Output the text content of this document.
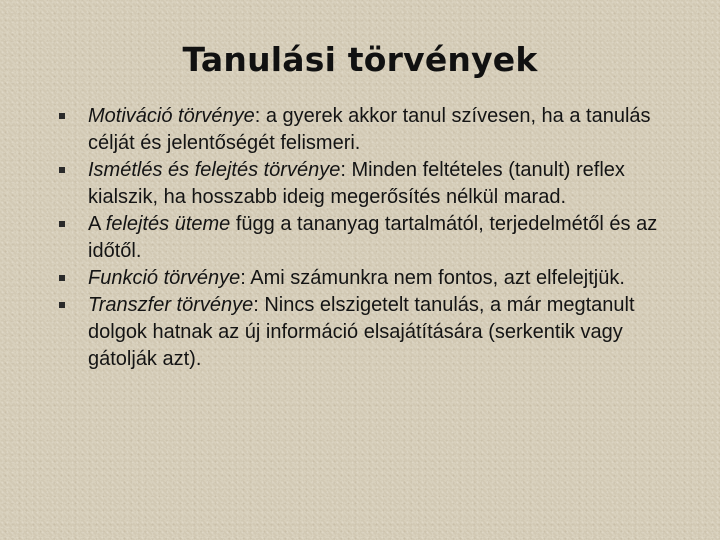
Tanulási törvények
Motiváció törvénye: a gyerek akkor tanul szívesen, ha a tanulás célját és jelentőségét felismeri.
Ismétlés és felejtés törvénye: Minden feltételes (tanult) reflex kialszik, ha hosszabb ideig megerősítés nélkül marad.
A felejtés üteme függ a tananyag tartalmától, terjedelmétől és az időtől.
Funkció törvénye: Ami számunkra nem fontos, azt elfelejtjük.
Transzfer törvénye: Nincs elszigetelt tanulás, a már megtanult dolgok hatnak az új információ elsajátítására (serkentik vagy gátolják azt).
